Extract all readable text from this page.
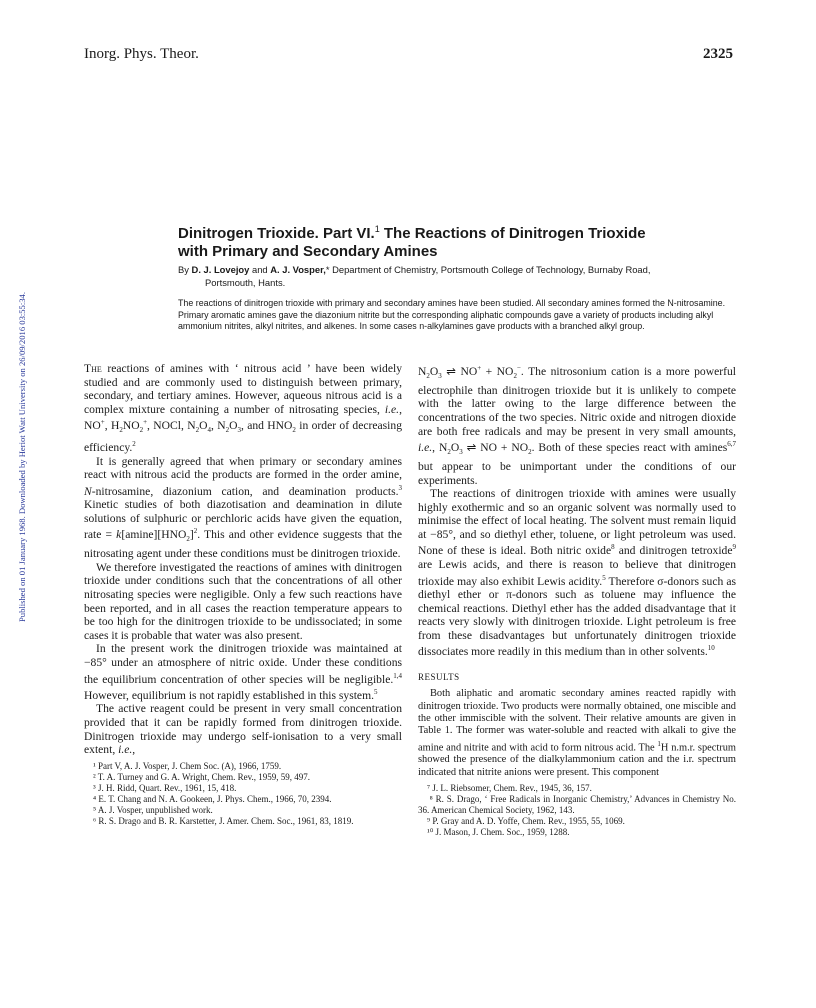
Inorg. Phys. Theor.	2325
Published on 01 January 1968. Downloaded by Heriot Watt University on 26/09/2016 03:55:34.
Dinitrogen Trioxide. Part VI.$^1$ The Reactions of Dinitrogen Trioxide
with Primary and Secondary Amines
By D. J. Lovejoy and A. J. Vosper,* Department of Chemistry, Portsmouth College of Technology, Burnaby Road,
Portsmouth, Hants.
The reactions of dinitrogen trioxide with primary and secondary amines have been studied. All secondary amines formed the N-nitrosamine. Primary aromatic amines gave the diazonium nitrite but the corresponding aliphatic compounds gave a variety of products including alkyl ammonium nitrites, alkyl nitrites, and alkenes. In some cases n-alkylamines gave products with a branched alkyl group.

The reactions of amines with ‘ nitrous acid ’ have been widely studied and are commonly used to distinguish between primary, secondary, and tertiary amines. However, aqueous nitrous acid is a complex mixture containing a number of nitrosating species, i.e., NO+, $H_2NO_2^+$, NOCl, $N_2O_4$, $N_2O_3$, and $HNO_2$ in order of decreasing efficiency.$^2$

It is generally agreed that when primary or secondary amines react with nitrous acid the products are formed in the order amine, N-nitrosamine, diazonium cation, and deamination products.$^3$ Kinetic studies of both diazotisation and deamination in dilute solutions of sulphuric or perchloric acids have given the equation, rate = $k[amine][HNO_2]^2$. This and other evidence suggests that the nitrosating agent under these conditions must be dinitrogen trioxide.

We therefore investigated the reactions of amines with dinitrogen trioxide under conditions such that the concentrations of all other nitrosating species were negligible. Only a few such reactions have been reported, and in all cases the reaction temperature appears to be too high for the dinitrogen trioxide to be undissociated; in some cases it is probable that water was also present.

In the present work the dinitrogen trioxide was maintained at −85° under an atmosphere of nitric oxide. Under these conditions the equilibrium concentration of other species will be negligible.$^{1,4}$ However, equilibrium is not rapidly established in this system.$^5$

The active reagent could be present in very small concentration provided that it can be rapidly formed from dinitrogen trioxide. Dinitrogen trioxide may undergo self-ionisation to a very small extent, i.e.,

¹ Part V, A. J. Vosper, J. Chem Soc. (A), 1966, 1759.

² T. A. Turney and G. A. Wright, Chem. Rev., 1959, 59, 497.

³ J. H. Ridd, Quart. Rev., 1961, 15, 418.

⁴ E. T. Chang and N. A. Gookeen, J. Phys. Chem., 1966, 70, 2394.

⁵ A. J. Vosper, unpublished work.

⁶ R. S. Drago and B. R. Karstetter, J. Amer. Chem. Soc., 1961, 83, 1819.

$N_2O_3$ ⇌ $NO^+ + NO_2^-$. The nitrosonium cation is a more powerful electrophile than dinitrogen trioxide but it is unlikely to compete with the latter owing to the large difference between the concentrations of the two species. Nitric oxide and nitrogen dioxide are both free radicals and may be present in very small amounts, i.e., $N_2O_3$ ⇌ NO + $NO_2$. Both of these species react with amines$^{6,7}$ but appear to be unimportant under the conditions of our experiments.

The reactions of dinitrogen trioxide with amines were usually highly exothermic and so an organic solvent was normally used to minimise the effect of local heating. The solvent must remain liquid at −85°, and so diethyl ether, toluene, or light petroleum was used. None of these is ideal. Both nitric oxide$^8$ and dinitrogen tetroxide$^9$ are Lewis acids, and there is reason to believe that dinitrogen trioxide may also exhibit Lewis acidity.$^5$ Therefore σ-donors such as diethyl ether or π-donors such as toluene may influence the chemical reactions. Diethyl ether has the added disadvantage that it reacts very slowly with dinitrogen trioxide. Light petroleum is free from these disadvantages but unfortunately dinitrogen trioxide dissociates more readily in this medium than in other solvents.$^{10}$

RESULTS

Both aliphatic and aromatic secondary amines reacted rapidly with dinitrogen trioxide. Two products were normally obtained, one miscible and the other immiscible with the solvent. Their relative amounts are given in Table 1. The former was water-soluble and reacted with alkali to give the amine and nitrite and with acid to form nitrous acid. The $^1$H n.m.r. spectrum showed the presence of the dialkylammonium cation and the i.r. spectrum indicated that nitrite anions were present. This component

⁷ J. L. Riebsomer, Chem. Rev., 1945, 36, 157.

⁸ R. S. Drago, ‘ Free Radicals in Inorganic Chemistry,’ Advances in Chemistry No. 36. American Chemical Society, 1962, 143.

⁹ P. Gray and A. D. Yoffe, Chem. Rev., 1955, 55, 1069.

¹⁰ J. Mason, J. Chem. Soc., 1959, 1288.
